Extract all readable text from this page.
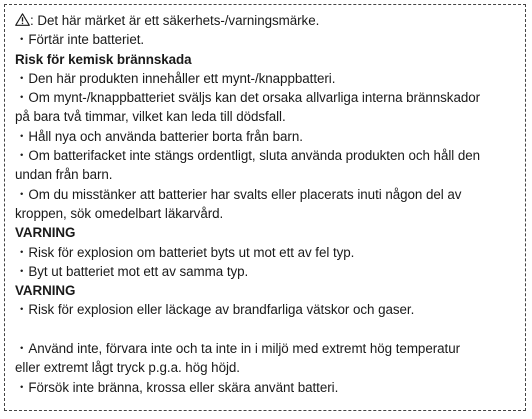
: Det här märket är ett säkerhets-/varningsmärke.
・Förtär inte batteriet.
Risk för kemisk brännskada
・Den här produkten innehåller ett mynt-/knappbatteri.
・Om mynt-/knappbatteriet sväljs kan det orsaka allvarliga interna brännskador
på bara två timmar, vilket kan leda till dödsfall.
・Håll nya och använda batterier borta från barn.
・Om batterifacket inte stängs ordentligt, sluta använda produkten och håll den
undan från barn.
・Om du misstänker att batterier har svalts eller placerats inuti någon del av
kroppen, sök omedelbart läkarvård.
VARNING
・Risk för explosion om batteriet byts ut mot ett av fel typ.
・Byt ut batteriet mot ett av samma typ.
VARNING
・Risk för explosion eller läckage av brandfarliga vätskor och gaser.
・Använd inte, förvara inte och ta inte in i miljö med extremt hög temperatur
eller extremt lågt tryck p.g.a. hög höjd.
・Försök inte bränna, krossa eller skära använt batteri.
